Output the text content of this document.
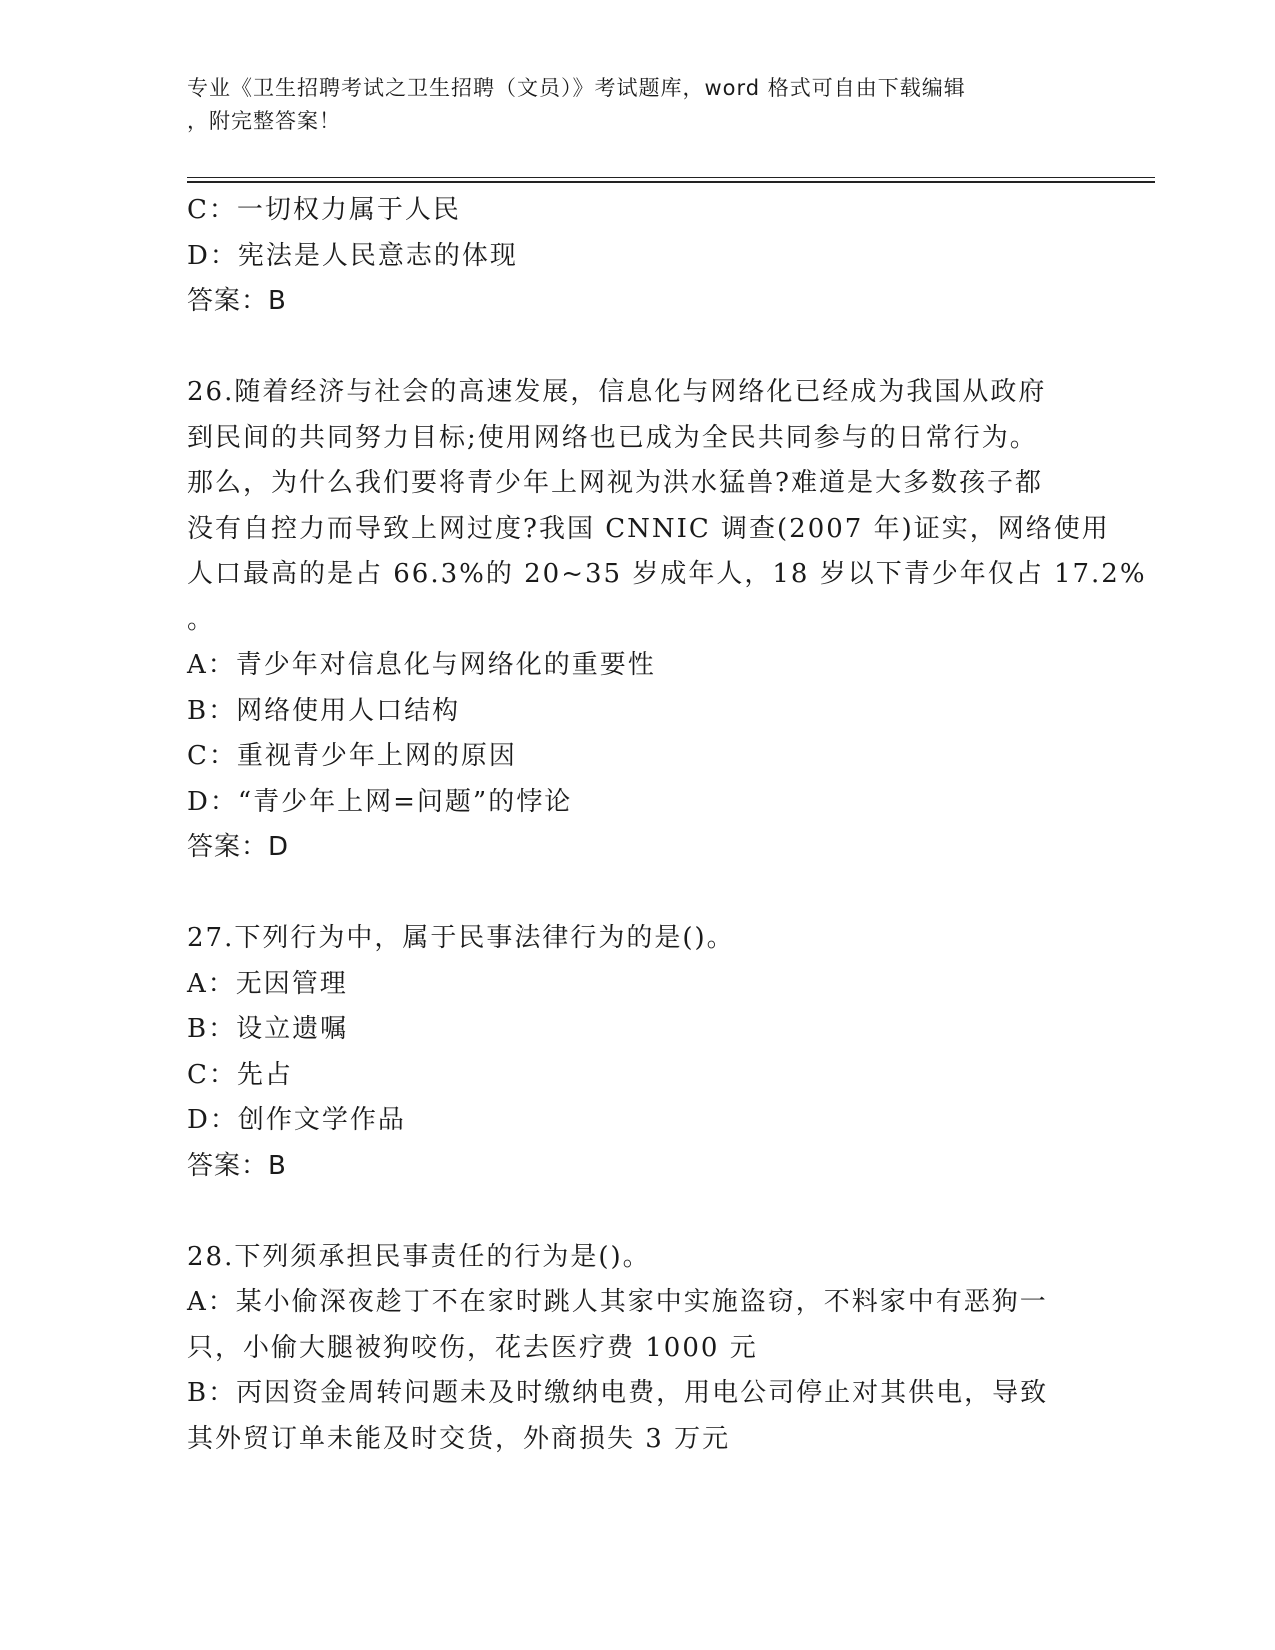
专业《卫生招聘考试之卫生招聘（文员）》考试题库，word 格式可自由下载编辑
，附完整答案！
C：一切权力属于人民
D：宪法是人民意志的体现
答案：B
26.随着经济与社会的高速发展，信息化与网络化已经成为我国从政府
到民间的共同努力目标;使用网络也已成为全民共同参与的日常行为。
那么，为什么我们要将青少年上网视为洪水猛兽?难道是大多数孩子都
没有自控力而导致上网过度?我国 CNNIC 调查(2007 年)证实，网络使用
人口最高的是占 66.3%的 20~35 岁成年人，18 岁以下青少年仅占 17.2%
。
A：青少年对信息化与网络化的重要性
B：网络使用人口结构
C：重视青少年上网的原因
D：“青少年上网=问题”的悖论
答案：D
27.下列行为中，属于民事法律行为的是()。
A：无因管理
B：设立遗嘱
C：先占
D：创作文学作品
答案：B
28.下列须承担民事责任的行为是()。
A：某小偷深夜趁丁不在家时跳人其家中实施盗窃，不料家中有恶狗一
只，小偷大腿被狗咬伤，花去医疗费 1000 元
B：丙因资金周转问题未及时缴纳电费，用电公司停止对其供电，导致
其外贸订单未能及时交货，外商损失 3 万元
